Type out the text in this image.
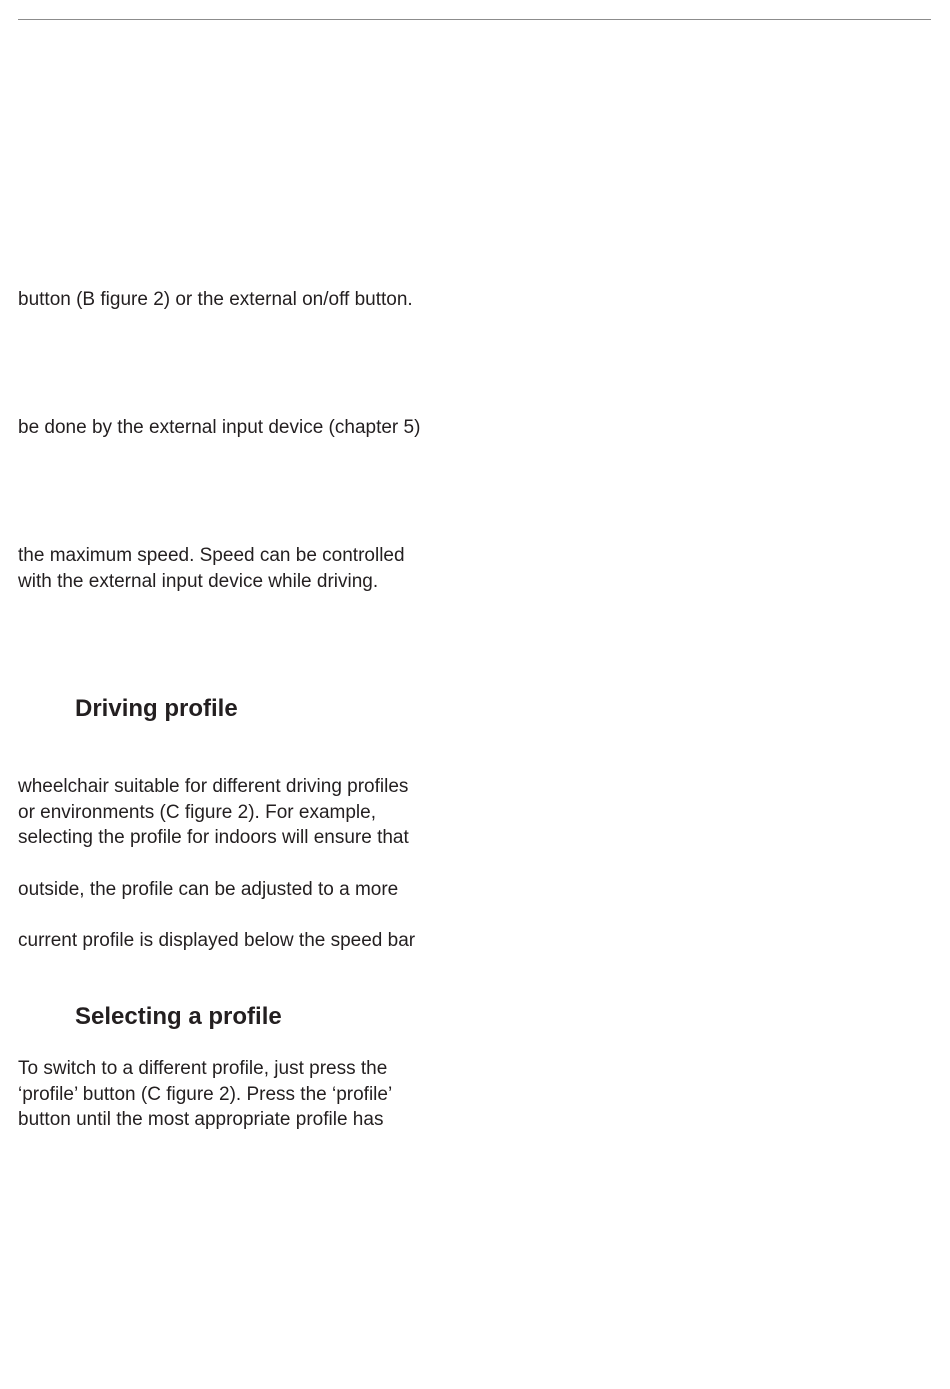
button (B figure 2) or the external on/off button.

be done by the external input device (chapter 5)

the maximum speed. Speed can be controlled

with the external input device while driving.

Driving profile

wheelchair suitable for different driving profiles

or environments (C figure 2). For example,

selecting the profile for indoors will ensure that

outside, the profile can be adjusted to a more

current profile is displayed below the speed bar

Selecting a profile

To switch to a different profile, just press the

‘profile’ button (C figure 2). Press the ‘profile’

button until the most appropriate profile has
